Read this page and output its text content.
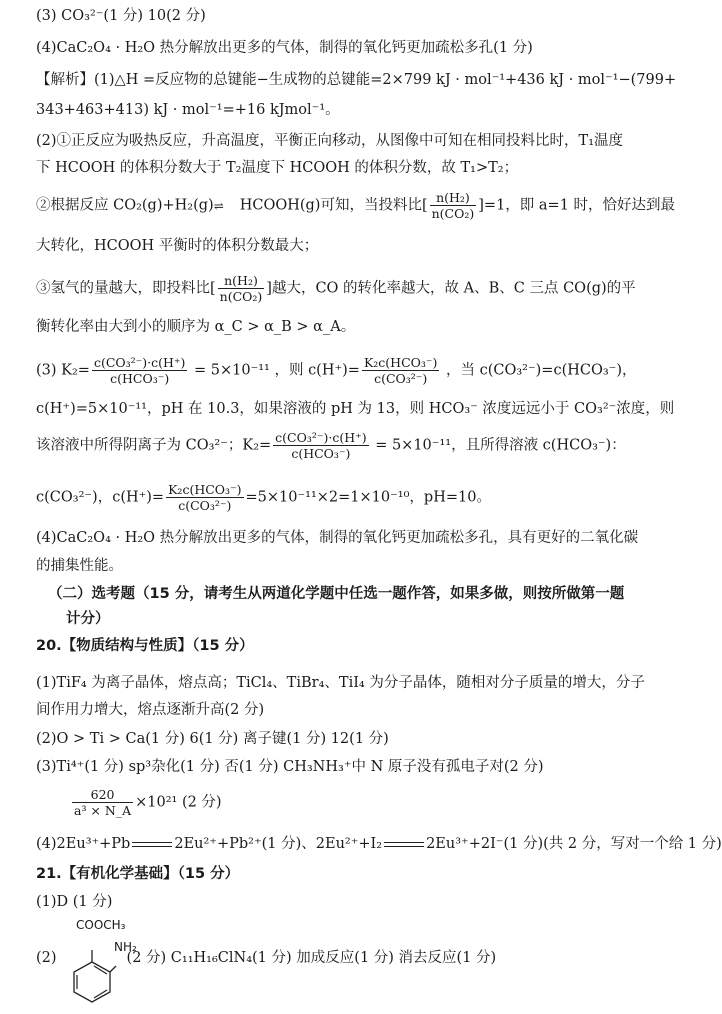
(3) CO₃²⁻(1 分) 10(2 分)
(4)CaC₂O₄ · H₂O 热分解放出更多的气体，制得的氧化钙更加疏松多孔(1 分)
【解析】(1)△H =反应物的总键能−生成物的总键能=2×799 kJ · mol⁻¹+436 kJ · mol⁻¹−(799+
343+463+413) kJ · mol⁻¹=+16 kJmol⁻¹。
(2)①正反应为吸热反应，升高温度，平衡正向移动，从图像中可知在相同投料比时，T₁温度
下 HCOOH 的体积分数大于 T₂温度下 HCOOH 的体积分数，故 T₁>T₂；
②根据反应 CO₂(g)+H₂(g)⇌ HCOOH(g)可知，当投料比[ $\frac{\text{n(H₂)}}{\text{n(CO₂)}} ]=1$，即 a=1 时，恰好达到最
大转化，HCOOH 平衡时的体积分数最大；
③氢气的量越大，即投料比[ $\frac{\text{n(H₂)}}{\text{n(CO₂)}}$ ]越大，CO 的转化率越大，故 A、B、C 三点 CO(g)的平
衡转化率由大到小的顺序为 α_C > α_B > α_A。
(3) $K_2= \frac{\text{c(CO₃²⁻)·c(H⁺)}}{\text{c(HCO₃⁻)}} = 5\times 10^{-11}$ ，则 $c(H^+)= \frac{\text{K₂c(HCO₃⁻)}}{\text{c(CO₃²⁻)}}$ ，当 c(CO₃²⁻)=c(HCO₃⁻)，
c(H⁺)=5×10⁻¹¹，pH 在 10.3，如果溶液的 pH 为 13，则 HCO₃⁻ 浓度远远小于 CO₃²⁻浓度，则
该溶液中所得阴离子为 CO₃²⁻；$K_2= \frac{\text{c(CO₃²⁻)·c(H⁺)}}{\text{c(HCO₃⁻)}} = 5\times 10^{-11}$，且所得溶液 c(HCO₃⁻)：
c(CO₃²⁻)，$c(H^+)= \frac{\text{K₂c(HCO₃⁻)}}{\text{c(CO₃²⁻)}} =5\times 10^{-11}\times 2=1\times 10^{-10}$，pH=10。
(4)CaC₂O₄ · H₂O 热分解放出更多的气体，制得的氧化钙更加疏松多孔，具有更好的二氧化碳
的捕集性能。
（二）选考题（15 分，请考生从两道化学题中任选一题作答，如果多做，则按所做第一题
计分）
20.【物质结构与性质】（15 分）
(1)TiF₄ 为离子晶体，熔点高；TiCl₄、TiBr₄、TiI₄ 为分子晶体，随相对分子质量的增大，分子
间作用力增大，熔点逐渐升高(2 分)
(2)O > Ti > Ca(1 分) 6(1 分) 离子键(1 分) 12(1 分)
(3)Ti⁴⁺(1 分) sp³杂化(1 分) 否(1 分) CH₃NH₃⁺中 N 原子没有孤电子对(2 分)
$\frac{620}{\text{a³ × N\_A}} \times 10^{21}$ (2 分)
(4)2Eu³⁺+Pb	2Eu²⁺+Pb²⁺(1 分)、2Eu²⁺+I₂	2Eu³⁺+2I⁻(1 分)(共 2 分，写对一个给 1 分)
21.【有机化学基础】（15 分）
(1)D (1 分)
(2)	(2 分) C₁₁H₁₆ClN₄(1 分) 加成反应(1 分) 消去反应(1 分)
COOCH₃
NH₂
